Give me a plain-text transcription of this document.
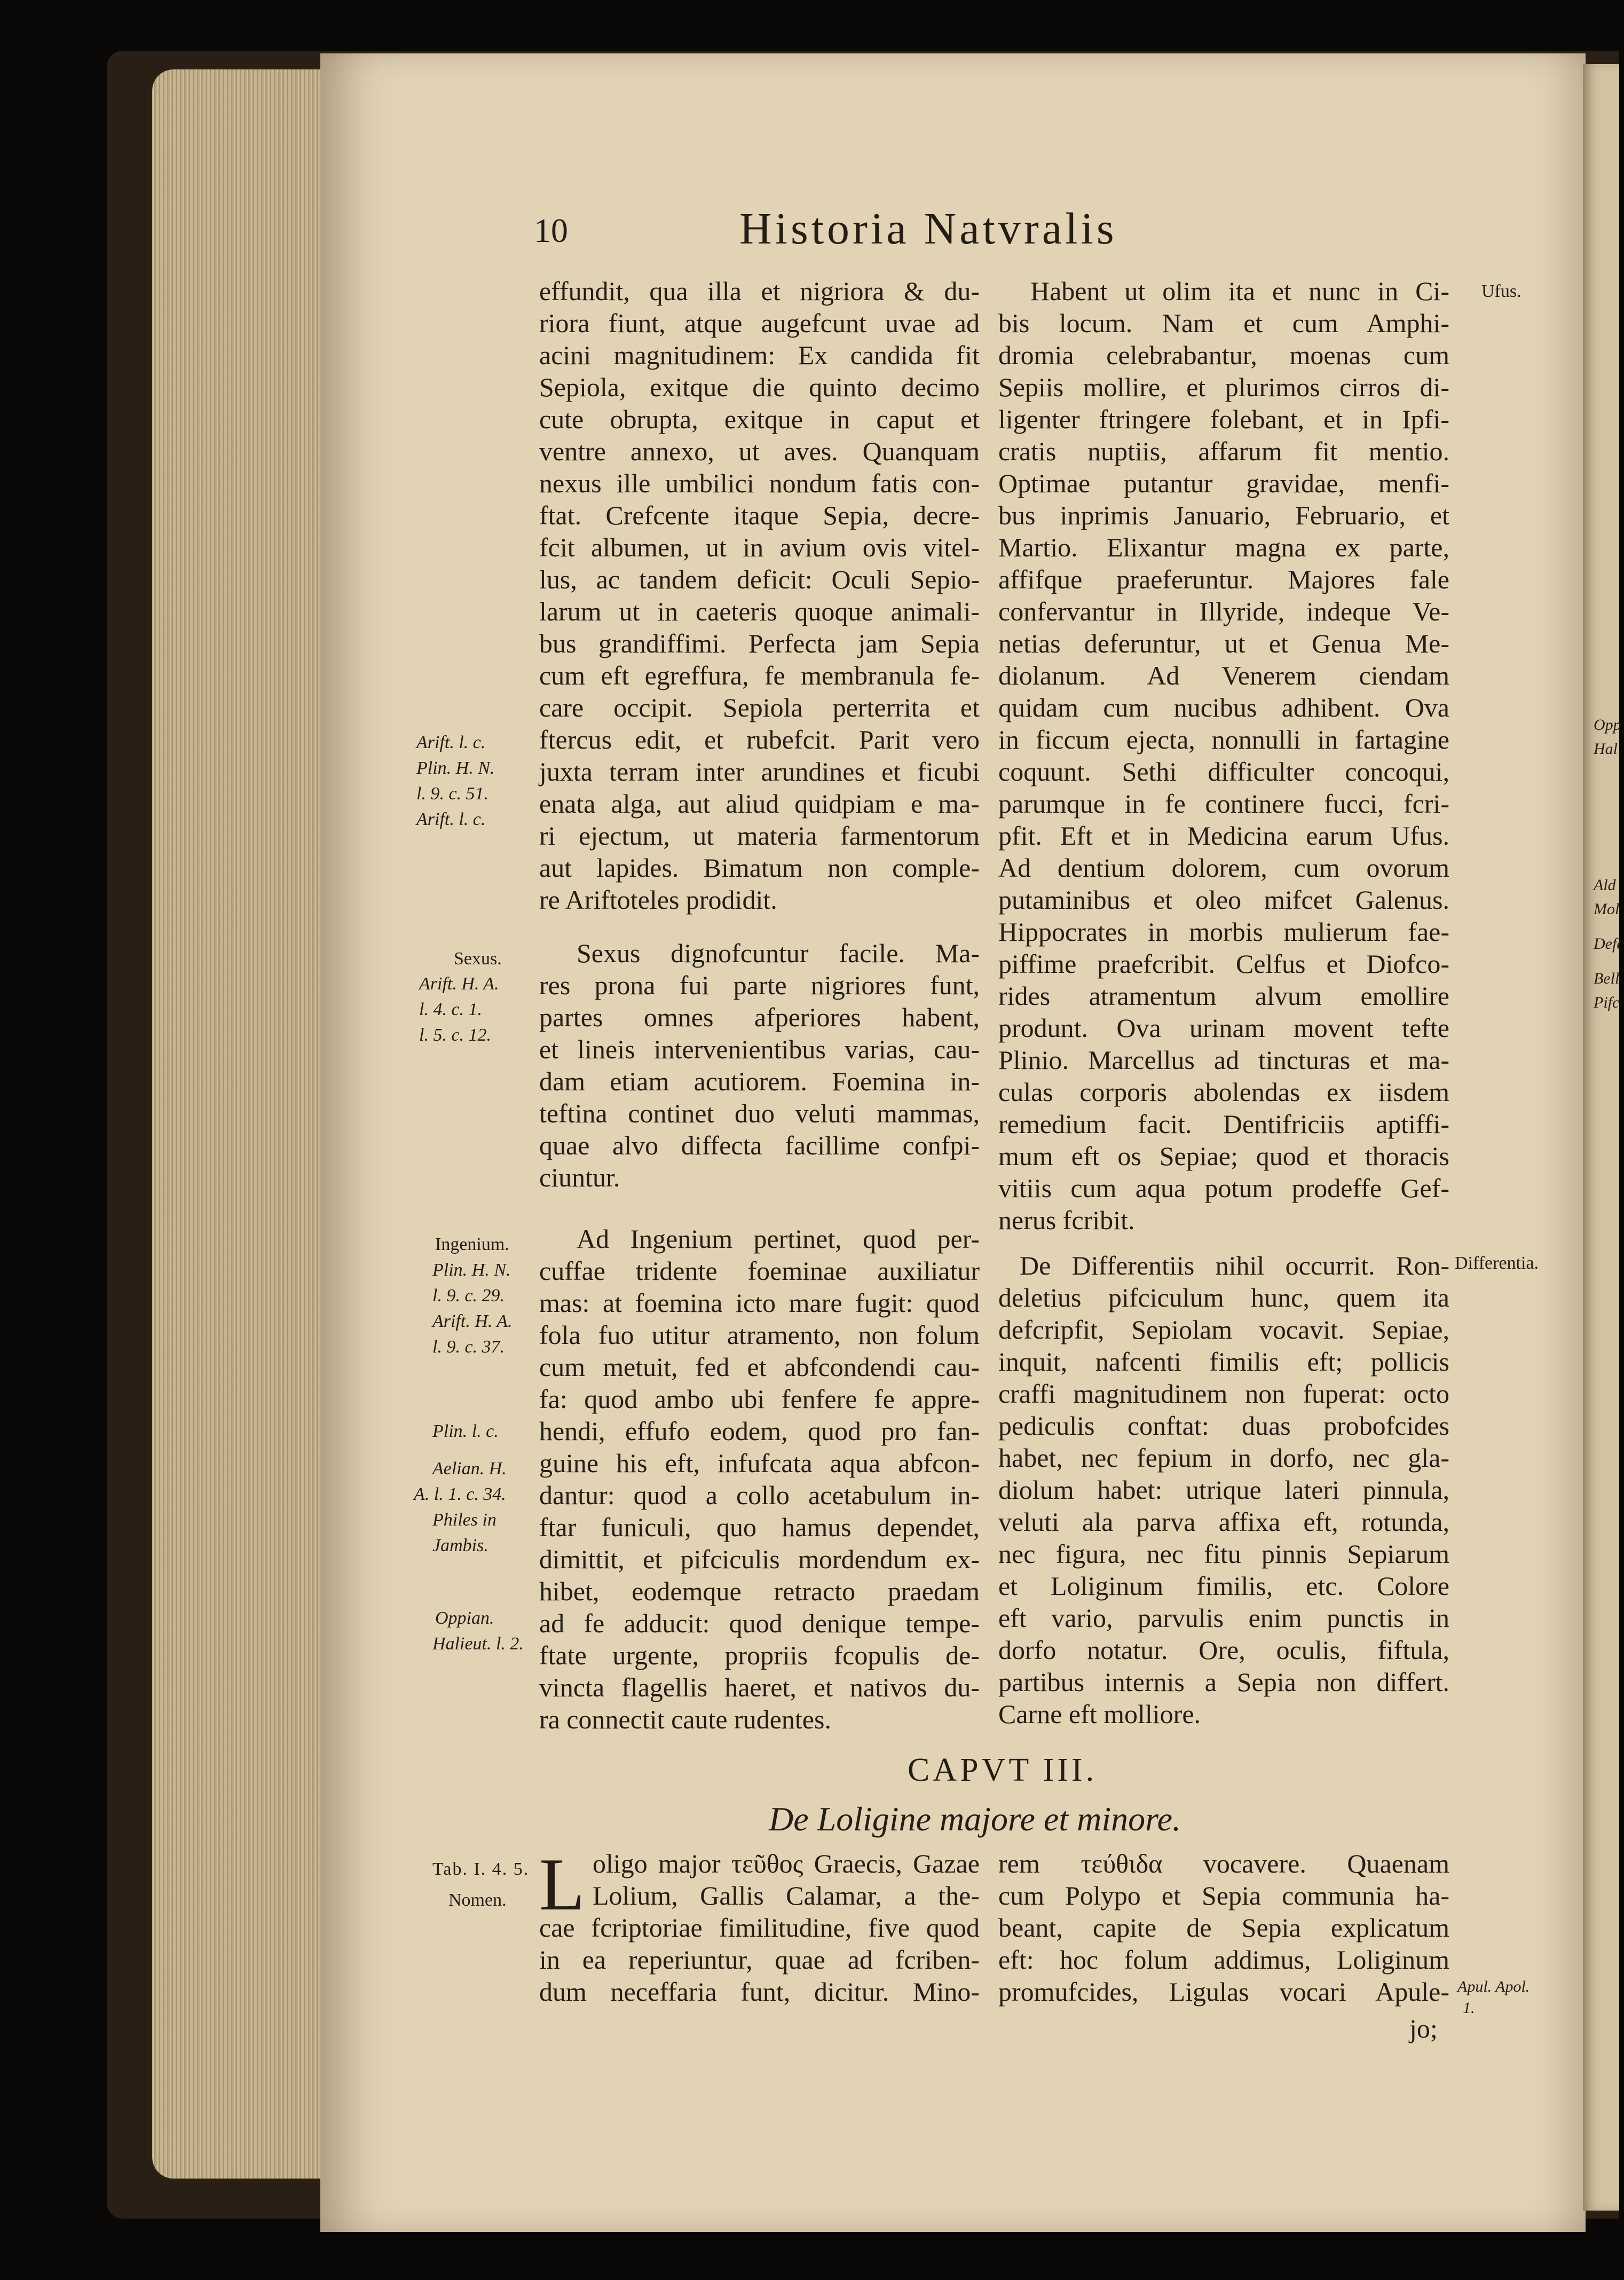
10	Historia Natvralis
effundit, qua illa et nigriora & du-
riora fiunt, atque augefcunt uvae ad
acini magnitudinem: Ex candida fit
Sepiola, exitque die quinto decimo
cute obrupta, exitque in caput et
ventre annexo, ut aves. Quanquam
nexus ille umbilici nondum fatis con-
ftat. Crefcente itaque Sepia, decre-
fcit albumen, ut in avium ovis vitel-
lus, ac tandem deficit: Oculi Sepio-
larum ut in caeteris quoque animali-
bus grandiffimi. Perfecta jam Sepia
cum eft egreffura, fe membranula fe-
care occipit. Sepiola perterrita et
ftercus edit, et rubefcit. Parit vero
juxta terram inter arundines et ficubi
enata alga, aut aliud quidpiam e ma-
ri ejectum, ut materia farmentorum
aut lapides. Bimatum non comple-
re Ariftoteles prodidit.
Sexus dignofcuntur facile. Ma-
res prona fui parte nigriores funt,
partes omnes afperiores habent,
et lineis intervenientibus varias, cau-
dam etiam acutiorem. Foemina in-
teftina continet duo veluti mammas,
quae alvo diffecta facillime confpi-
ciuntur.
Ad Ingenium pertinet, quod per-
cuffae tridente foeminae auxiliatur
mas: at foemina icto mare fugit: quod
fola fuo utitur atramento, non folum
cum metuit, fed et abfcondendi cau-
fa: quod ambo ubi fenfere fe appre-
hendi, effufo eodem, quod pro fan-
guine his eft, infufcata aqua abfcon-
dantur: quod a collo acetabulum in-
ftar funiculi, quo hamus dependet,
dimittit, et pifciculis mordendum ex-
hibet, eodemque retracto praedam
ad fe adducit: quod denique tempe-
ftate urgente, propriis fcopulis de-
vincta flagellis haeret, et nativos du-
ra connectit caute rudentes.
Habent ut olim ita et nunc in Ci-
bis locum. Nam et cum Amphi-
dromia celebrabantur, moenas cum
Sepiis mollire, et plurimos cirros di-
ligenter ftringere folebant, et in Ipfi-
cratis nuptiis, affarum fit mentio.
Optimae putantur gravidae, menfi-
bus inprimis Januario, Februario, et
Martio. Elixantur magna ex parte,
affifque praeferuntur. Majores fale
confervantur in Illyride, indeque Ve-
netias deferuntur, ut et Genua Me-
diolanum. Ad Venerem ciendam
quidam cum nucibus adhibent. Ova
in ficcum ejecta, nonnulli in fartagine
coquunt. Sethi difficulter concoqui,
parumque in fe continere fucci, fcri-
pfit. Eft et in Medicina earum Ufus.
Ad dentium dolorem, cum ovorum
putaminibus et oleo mifcet Galenus.
Hippocrates in morbis mulierum fae-
piffime praefcribit. Celfus et Diofco-
rides atramentum alvum emollire
produnt. Ova urinam movent tefte
Plinio. Marcellus ad tincturas et ma-
culas corporis abolendas ex iisdem
remedium facit. Dentifriciis aptiffi-
mum eft os Sepiae; quod et thoracis
vitiis cum aqua potum prodeffe Gef-
nerus fcribit.
De Differentiis nihil occurrit. Ron-
deletius pifciculum hunc, quem ita
defcripfit, Sepiolam vocavit. Sepiae,
inquit, nafcenti fimilis eft; pollicis
craffi magnitudinem non fuperat: octo
pediculis conftat: duas probofcides
habet, nec fepium in dorfo, nec gla-
diolum habet: utrique lateri pinnula,
veluti ala parva affixa eft, rotunda,
nec figura, nec fitu pinnis Sepiarum
et Loliginum fimilis, etc. Colore
eft vario, parvulis enim punctis in
dorfo notatur. Ore, oculis, fiftula,
partibus internis a Sepia non differt.
Carne eft molliore.
CAPVT III.
De Loligine majore et minore.
L oligo major τεῦθος Graecis, Gazae
Lolium, Gallis Calamar, a the-
cae fcriptoriae fimilitudine, five quod
in ea reperiuntur, quae ad fcriben-
dum neceffaria funt, dicitur. Mino-
rem τεύθιδα vocavere. Quaenam
cum Polypo et Sepia communia ha-
beant, capite de Sepia explicatum
eft: hoc folum addimus, Loliginum
promufcides, Ligulas vocari Apule-
jo;
Arift. l. c.
Plin. H. N.
l. 9. c. 51.
Arift. l. c.
Sexus.
Arift. H. A.
l. 4. c. 1.
l. 5. c. 12.
Ingenium.
Plin. H. N.
l. 9. c. 29.
Arift. H. A.
l. 9. c. 37.
Plin. l. c.
Aelian. H.
A. l. 1. c. 34.
Philes in
Jambis.
Oppian.
Halieut. l. 2.
Tab. I. 4. 5.
Nomen.
Ufus.
Differentia.
Apul. Apol.
1.
Opp
Hal
Ald
Mol
Defc
Bell
Pifc
